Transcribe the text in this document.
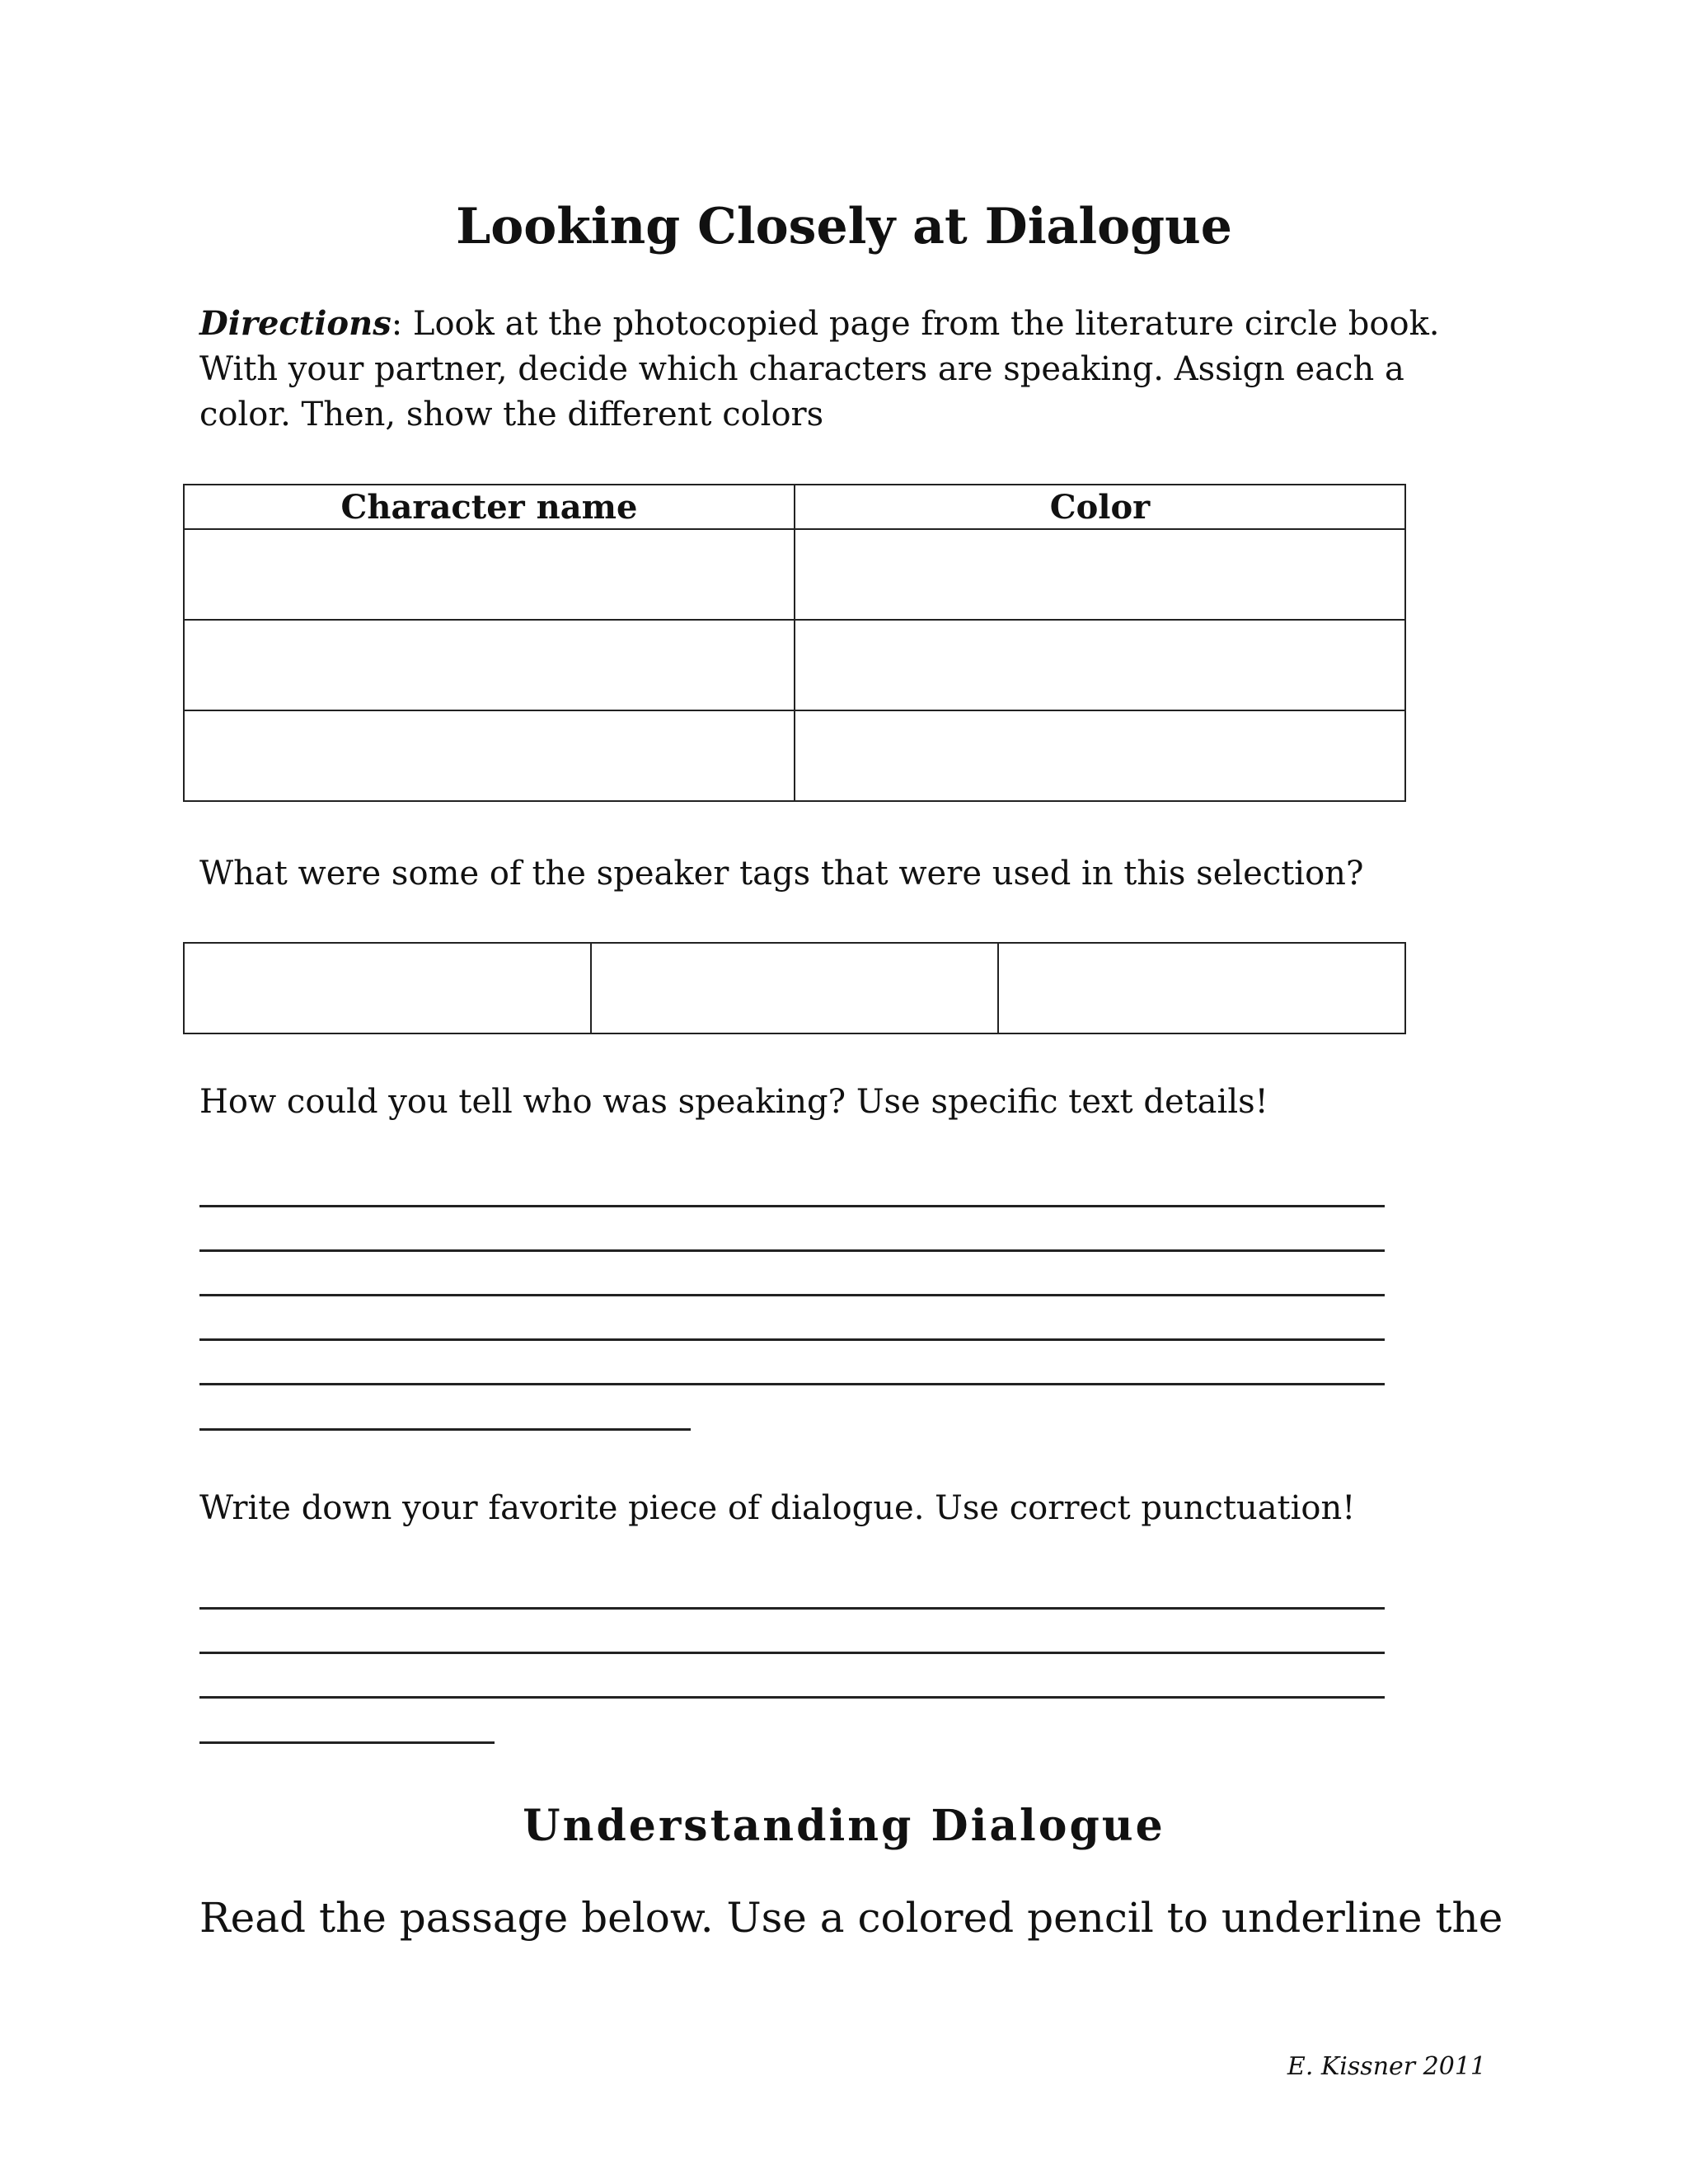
Looking Closely at Dialogue

Directions: Look at the photocopied page from the literature circle book. With your partner, decide which characters are speaking. Assign each a color. Then, show the different colors

Character name	Color

What were some of the speaker tags that were used in this selection?

How could you tell who was speaking? Use specific text details!

Write down your favorite piece of dialogue. Use correct punctuation!

Understanding Dialogue

Read the passage below. Use a colored pencil to underline the

E. Kissner 2011
